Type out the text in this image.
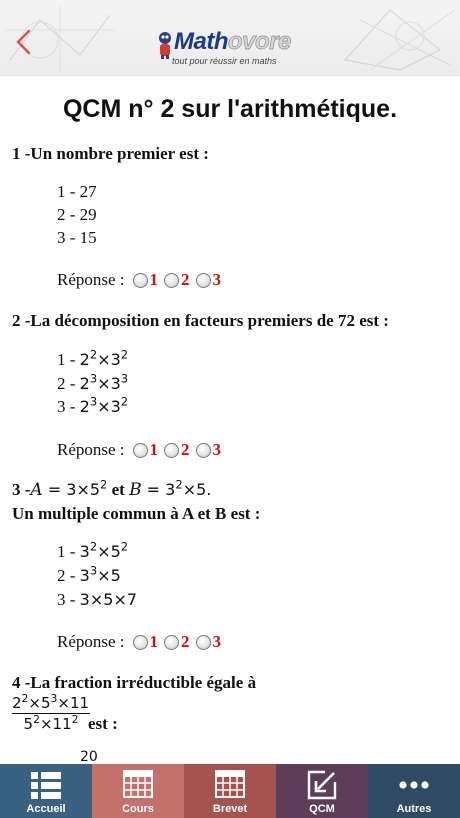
Mathovore
tout pour réussir en maths
QCM n° 2 sur l'arithmétique.
1 -Un nombre premier est :
1 - 27
2 - 29
3 - 15
Réponse : 1 2 3
2 -La décomposition en facteurs premiers de 72 est :
$1 - 2^2\times 3^2$
$2 - 2^3\times 3^3$
$3 - 2^3\times 3^2$
Réponse : 1 2 3
3 $-A = 3\times 5^2$ et $B = 3^2\times 5$.
Un multiple commun à A et B est :
$1 - 3^2\times 5^2$
$2 - 3^3\times 5$
3 - 3×5×7
Réponse : 1 2 3
4 -La fraction irréductible égale à
$\frac{2^2\times 5^3\times 11}{5^2\times 11^2}$
est :
20
Accueil	Cours	Brevet	QCM	Autres
